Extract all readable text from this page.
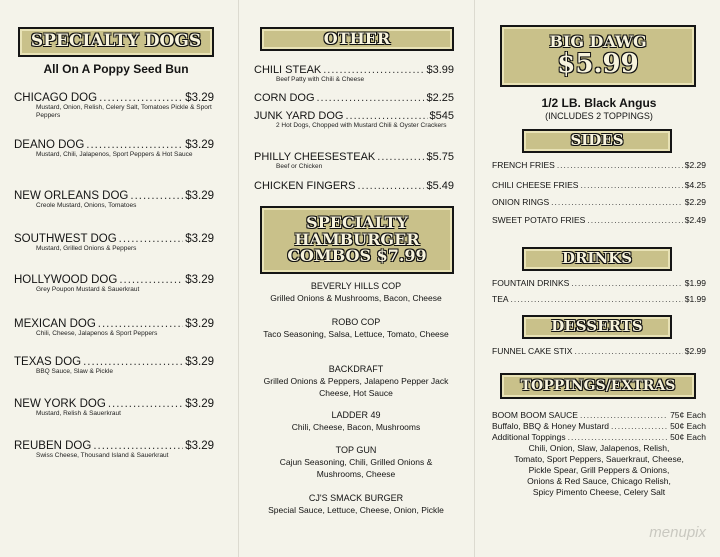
SPECIALTY DOGS
All On A Poppy Seed Bun
CHICAGO DOG .....	$3.29
Mustard, Onion, Relish, Celery Salt, Tomatoes Pickle & Sport Peppers
DEANO DOG .....	$3.29
Mustard, Chili, Jalapenos, Sport Peppers & Hot Sauce
NEW ORLEANS DOG .....	$3.29
Creole Mustard, Onions, Tomatoes
SOUTHWEST DOG .....	$3.29
Mustard, Grilled Onions & Peppers
HOLLYWOOD DOG .....	$3.29
Grey Poupon Mustard & Sauerkraut
MEXICAN DOG .....	$3.29
Chili, Cheese, Jalapenos & Sport Peppers
TEXAS DOG .....	$3.29
BBQ Sauce, Slaw & Pickle
NEW YORK DOG .....	$3.29
Mustard, Relish & Sauerkraut
REUBEN DOG .....	$3.29
Swiss Cheese, Thousand Island & Sauerkraut
OTHER
CHILI STEAK .....	$3.99
Beef Patty with Chili & Cheese
CORN DOG .....	$2.25
JUNK YARD DOG .....	$545
2 Hot Dogs, Chopped with Mustard Chili & Oyster Crackers
PHILLY CHEESESTEAK .....	$5.75
Beef or Chicken
CHICKEN FINGERS .....	$5.49
SPECIALTY
HAMBURGER
COMBOS $7.99
BEVERLY HILLS COP
Grilled Onions & Mushrooms, Bacon, Cheese
ROBO COP
Taco Seasoning, Salsa, Lettuce, Tomato, Cheese
BACKDRAFT
Grilled Onions & Peppers, Jalapeno Pepper Jack Cheese, Hot Sauce
LADDER 49
Chili, Cheese, Bacon, Mushrooms
TOP GUN
Cajun Seasoning, Chili, Grilled Onions & Mushrooms, Cheese
CJ'S SMACK BURGER
Special Sauce, Lettuce, Cheese, Onion, Pickle
BIG DAWG
$5.99
1/2 LB. Black Angus
(INCLUDES 2 TOPPINGS)
SIDES
FRENCH FRIES .....	$2.29
CHILI CHEESE FRIES .....	$4.25
ONION RINGS .....	$2.29
SWEET POTATO FRIES .....	$2.49
DRINKS
FOUNTAIN DRINKS .....	$1.99
TEA .....	$1.99
DESSERTS
FUNNEL CAKE STIX .....	$2.99
TOPPINGS/EXTRAS
BOOM BOOM SAUCE .....	75¢ Each
Buffalo, BBQ & Honey Mustard .....	50¢ Each
Additional Toppings .....	50¢ Each
Chili, Onion, Slaw, Jalapenos, Relish,
Tomato, Sport Peppers, Sauerkraut, Cheese,
Pickle Spear, Grill Peppers & Onions,
Onions & Red Sauce, Chicago Relish,
Spicy Pimento Cheese, Celery Salt
menupix
